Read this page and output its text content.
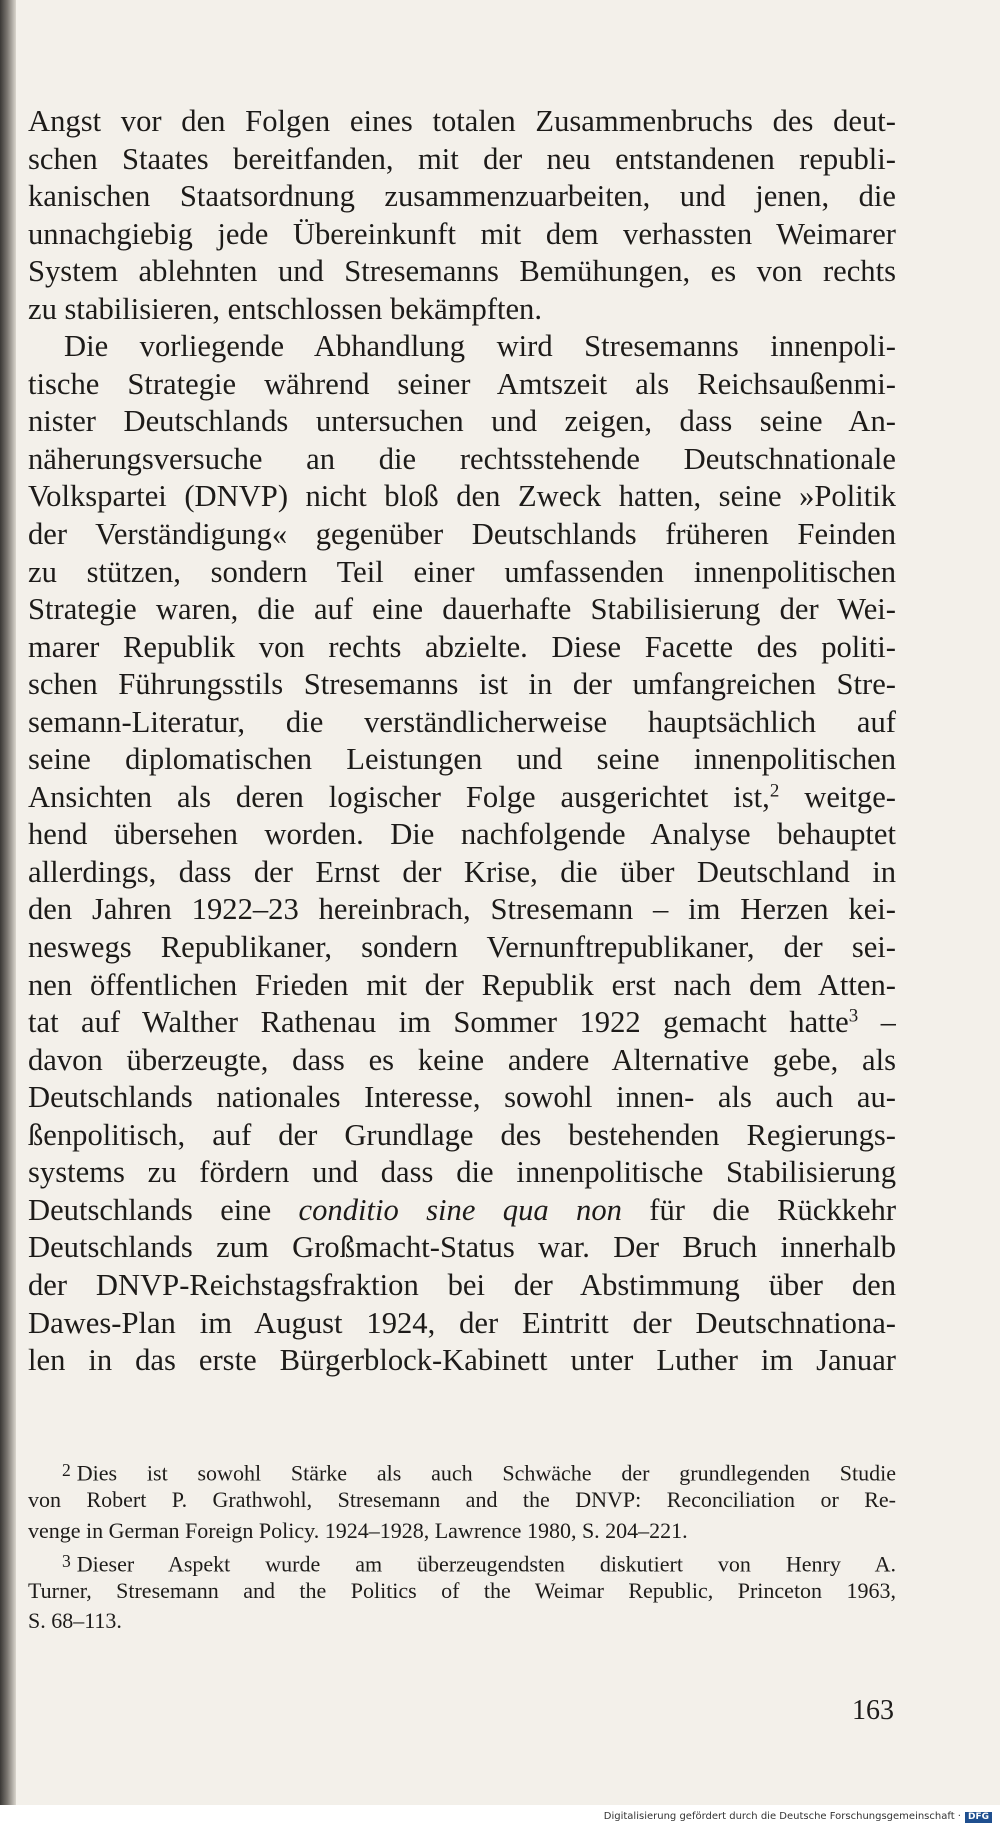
Angst vor den Folgen eines totalen Zusammenbruchs des deut-
schen Staates bereitfanden, mit der neu entstandenen republi-
kanischen Staatsordnung zusammenzuarbeiten, und jenen, die
unnachgiebig jede Übereinkunft mit dem verhassten Weimarer
System ablehnten und Stresemanns Bemühungen, es von rechts
zu stabilisieren, entschlossen bekämpften.
Die vorliegende Abhandlung wird Stresemanns innenpoli-
tische Strategie während seiner Amtszeit als Reichsaußenmi-
nister Deutschlands untersuchen und zeigen, dass seine An-
näherungsversuche an die rechtsstehende Deutschnationale
Volkspartei (DNVP) nicht bloß den Zweck hatten, seine »Politik
der Verständigung« gegenüber Deutschlands früheren Feinden
zu stützen, sondern Teil einer umfassenden innenpolitischen
Strategie waren, die auf eine dauerhafte Stabilisierung der Wei-
marer Republik von rechts abzielte. Diese Facette des politi-
schen Führungsstils Stresemanns ist in der umfangreichen Stre-
semann-Literatur, die verständlicherweise hauptsächlich auf
seine diplomatischen Leistungen und seine innenpolitischen
Ansichten als deren logischer Folge ausgerichtet ist,$^2$ weitge-
hend übersehen worden. Die nachfolgende Analyse behauptet
allerdings, dass der Ernst der Krise, die über Deutschland in
den Jahren 1922–23 hereinbrach, Stresemann – im Herzen kei-
neswegs Republikaner, sondern Vernunftrepublikaner, der sei-
nen öffentlichen Frieden mit der Republik erst nach dem Atten-
tat auf Walther Rathenau im Sommer 1922 gemacht hatte$^3$ –
davon überzeugte, dass es keine andere Alternative gebe, als
Deutschlands nationales Interesse, sowohl innen- als auch au-
ßenpolitisch, auf der Grundlage des bestehenden Regierungs-
systems zu fördern und dass die innenpolitische Stabilisierung
Deutschlands eine conditio sine qua non für die Rückkehr
Deutschlands zum Großmacht-Status war. Der Bruch innerhalb
der DNVP-Reichstagsfraktion bei der Abstimmung über den
Dawes-Plan im August 1924, der Eintritt der Deutschnationa-
len in das erste Bürgerblock-Kabinett unter Luther im Januar
$^2$ Dies ist sowohl Stärke als auch Schwäche der grundlegenden Studie
von Robert P. Grathwohl, Stresemann and the DNVP: Reconciliation or Re-
venge in German Foreign Policy. 1924–1928, Lawrence 1980, S. 204–221.
$^3$ Dieser Aspekt wurde am überzeugendsten diskutiert von Henry A.
Turner, Stresemann and the Politics of the Weimar Republic, Princeton 1963,
S. 68–113.
163
Digitalisierung gefördert durch die Deutsche Forschungsgemeinschaft · DFG
